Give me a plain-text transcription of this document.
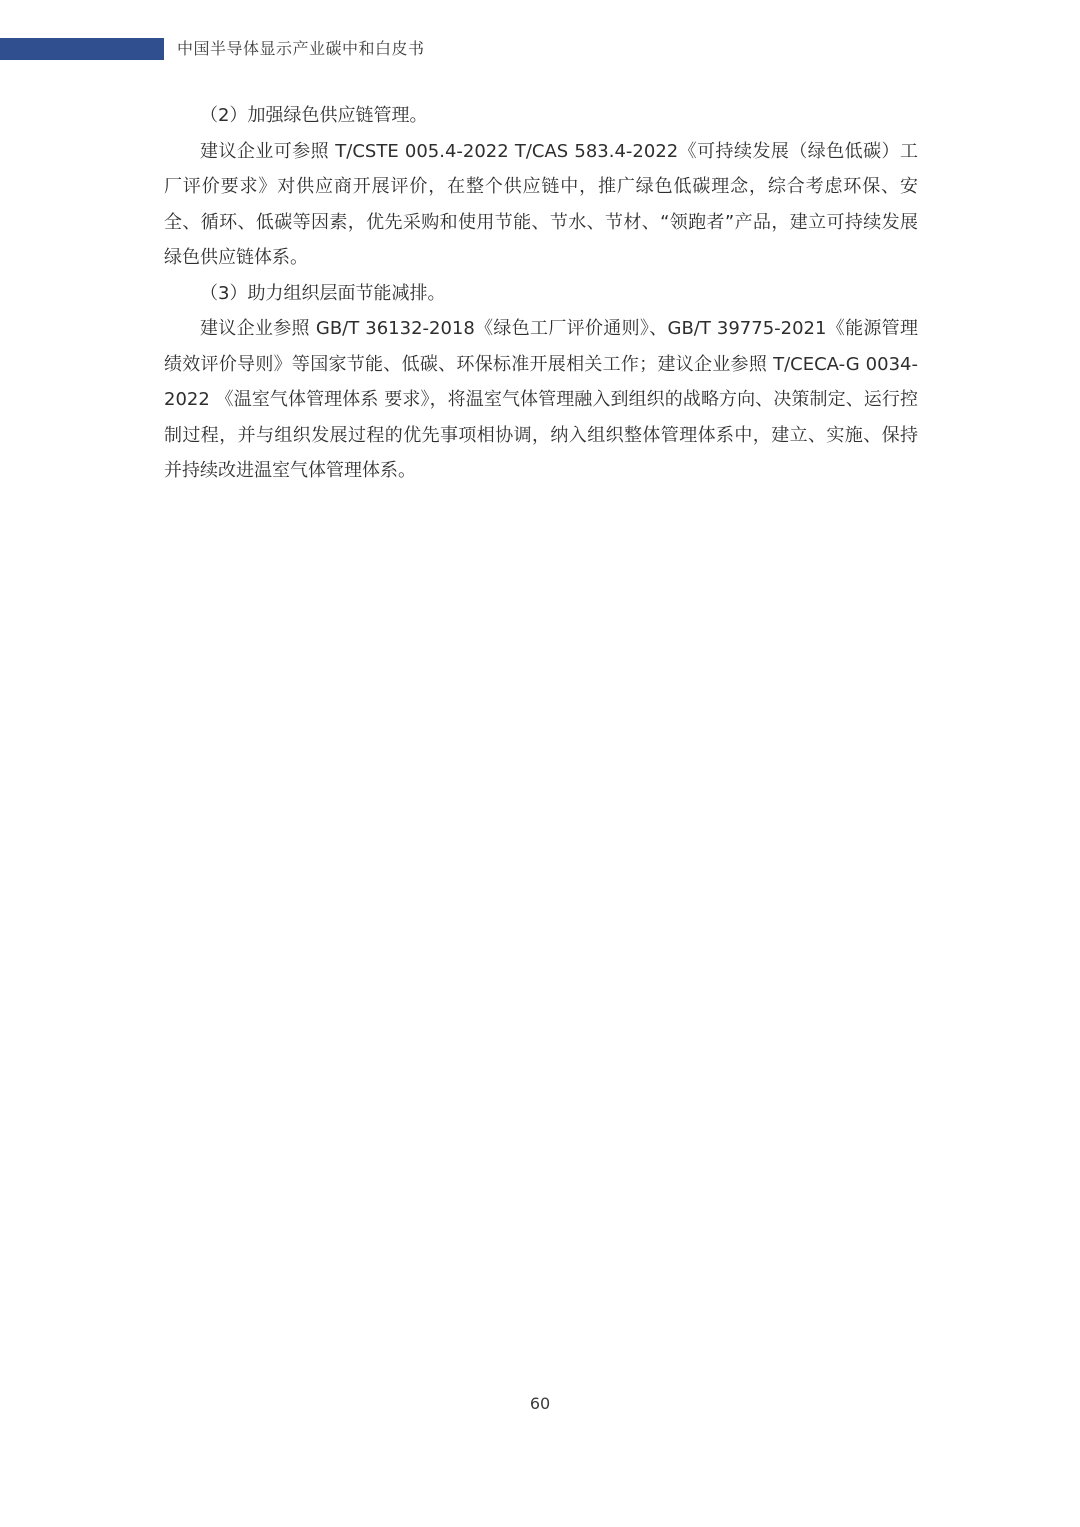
中国半导体显示产业碳中和白皮书

（2）加强绿色供应链管理。

建议企业可参照 T/CSTE 005.4-2022 T/CAS 583.4-2022《可持续发展（绿色低碳）工厂评价要求》对供应商开展评价，在整个供应链中，推广绿色低碳理念，综合考虑环保、安全、循环、低碳等因素，优先采购和使用节能、节水、节材、“领跑者”产品，建立可持续发展绿色供应链体系。

（3）助力组织层面节能减排。

建议企业参照 GB/T 36132-2018《绿色工厂评价通则》、GB/T 39775-2021《能源管理绩效评价导则》等国家节能、低碳、环保标准开展相关工作；建议企业参照 T/CECA-G 0034-2022 《温室气体管理体系 要求》，将温室气体管理融入到组织的战略方向、决策制定、运行控制过程，并与组织发展过程的优先事项相协调，纳入组织整体管理体系中，建立、实施、保持并持续改进温室气体管理体系。

60
